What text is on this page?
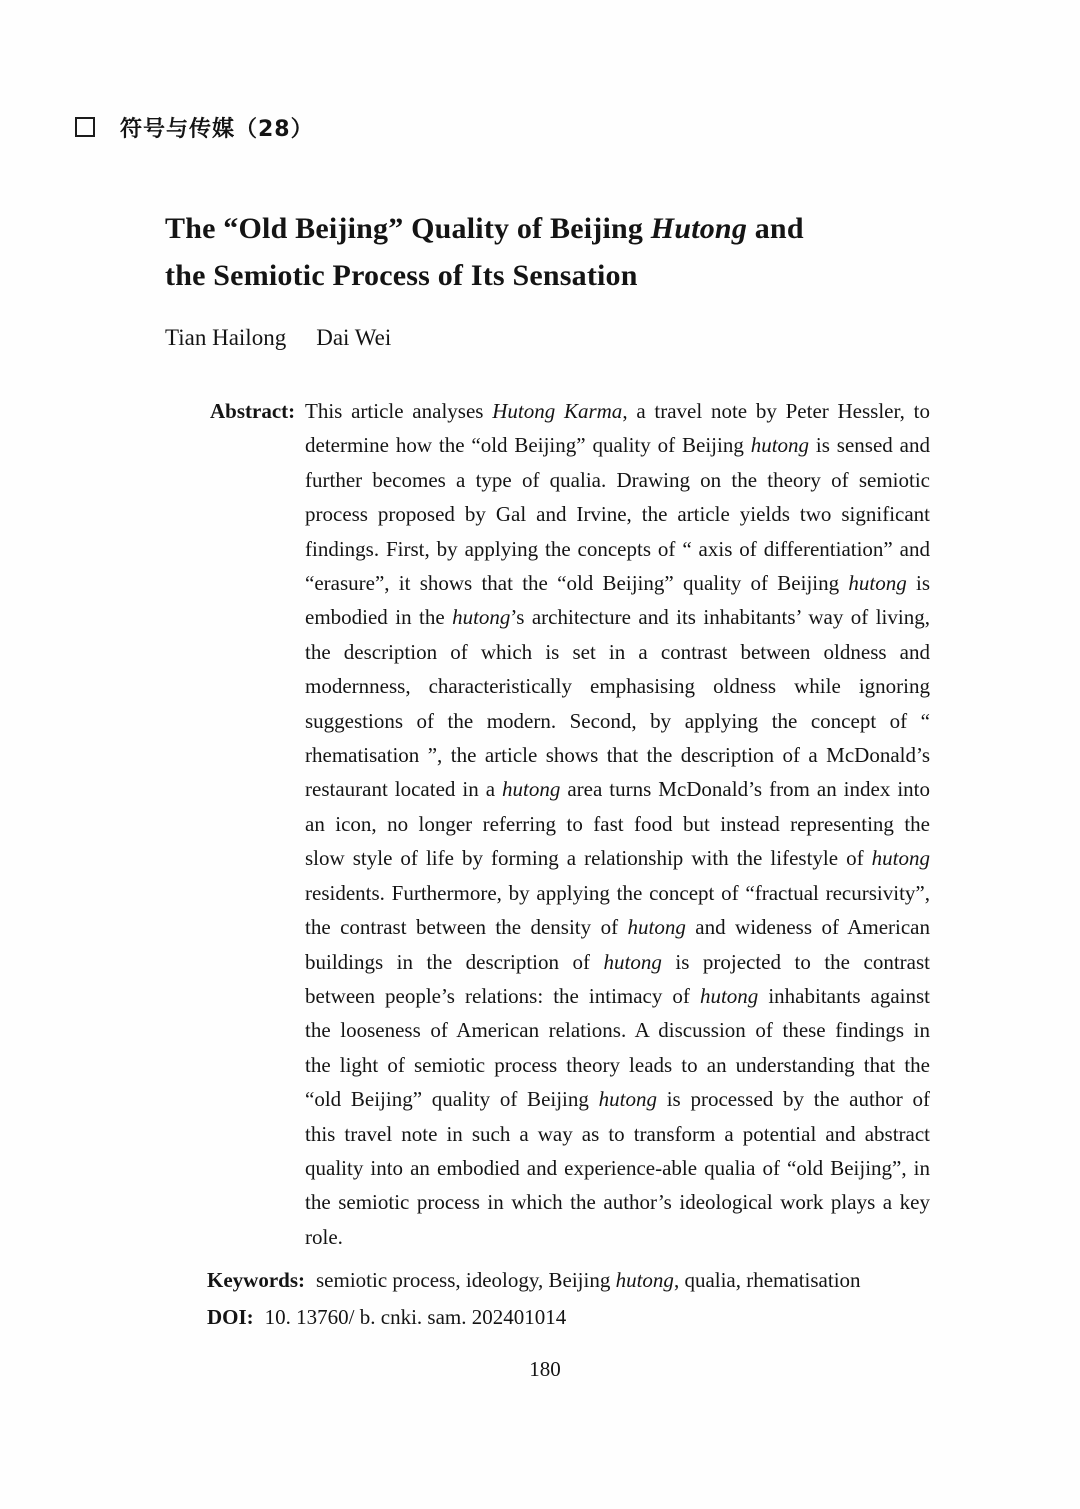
符号与传媒（28）
The “Old Beijing” Quality of Beijing Hutong and
the Semiotic Process of Its Sensation
Tian Hailong Dai Wei
Abstract: This article analyses Hutong Karma, a travel note by Peter Hessler, to determine how the “old Beijing” quality of Beijing hutong is sensed and further becomes a type of qualia. Drawing on the theory of semiotic process proposed by Gal and Irvine, the article yields two significant findings. First, by applying the concepts of “ axis of differentiation” and “erasure”, it shows that the “old Beijing” quality of Beijing hutong is embodied in the hutong’s architecture and its inhabitants’ way of living, the description of which is set in a contrast between oldness and modernness, characteristically emphasising oldness while ignoring suggestions of the modern. Second, by applying the concept of “ rhematisation ”, the article shows that the description of a McDonald’s restaurant located in a hutong area turns McDonald’s from an index into an icon, no longer referring to fast food but instead representing the slow style of life by forming a relationship with the lifestyle of hutong residents. Furthermore, by applying the concept of “fractual recursivity”, the contrast between the density of hutong and wideness of American buildings in the description of hutong is projected to the contrast between people’s relations: the intimacy of hutong inhabitants against the looseness of American relations. A discussion of these findings in the light of semiotic process theory leads to an understanding that the “old Beijing” quality of Beijing hutong is processed by the author of this travel note in such a way as to transform a potential and abstract quality into an embodied and experience-able qualia of “old Beijing”, in the semiotic process in which the author’s ideological work plays a key role.
Keywords: semiotic process, ideology, Beijing hutong, qualia, rhematisation
DOI: 10. 13760/ b. cnki. sam. 202401014
180
